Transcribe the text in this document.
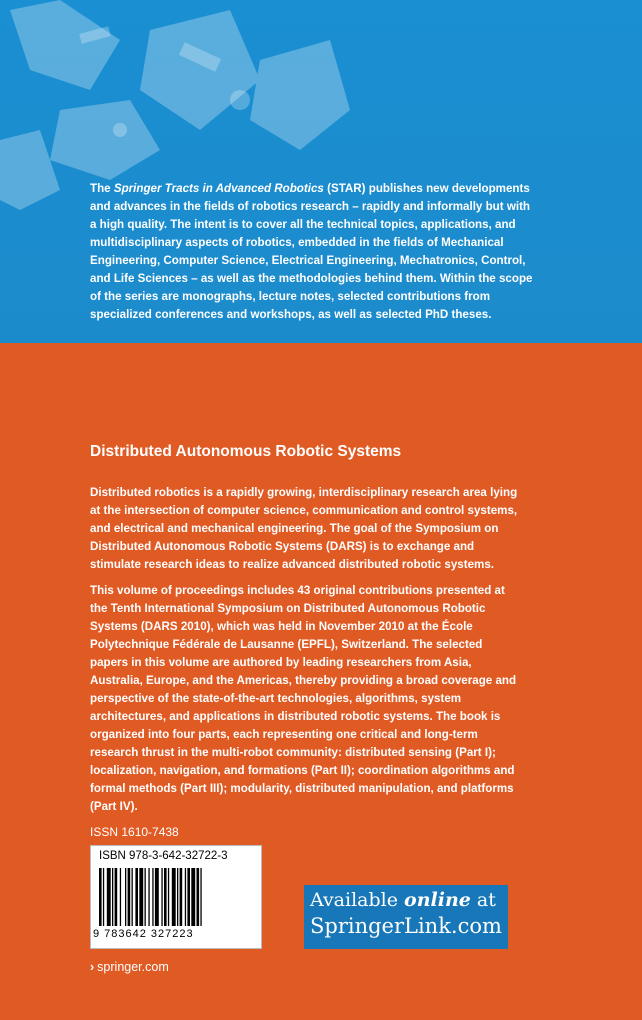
The Springer Tracts in Advanced Robotics (STAR) publishes new developments and advances in the fields of robotics research – rapidly and informally but with a high quality. The intent is to cover all the technical topics, applications, and multidisciplinary aspects of robotics, embedded in the fields of Mechanical Engineering, Computer Science, Electrical Engineering, Mechatronics, Control, and Life Sciences – as well as the methodologies behind them. Within the scope of the series are monographs, lecture notes, selected contributions from specialized conferences and workshops, as well as selected PhD theses.
Distributed Autonomous Robotic Systems
Distributed robotics is a rapidly growing, interdisciplinary research area lying at the intersection of computer science, communication and control systems, and electrical and mechanical engineering. The goal of the Symposium on Distributed Autonomous Robotic Systems (DARS) is to exchange and stimulate research ideas to realize advanced distributed robotic systems.
This volume of proceedings includes 43 original contributions presented at the Tenth International Symposium on Distributed Autonomous Robotic Systems (DARS 2010), which was held in November 2010 at the École Polytechnique Fédérale de Lausanne (EPFL), Switzerland. The selected papers in this volume are authored by leading researchers from Asia, Australia, Europe, and the Americas, thereby providing a broad coverage and perspective of the state-of-the-art technologies, algorithms, system architectures, and applications in distributed robotic systems. The book is organized into four parts, each representing one critical and long-term research thrust in the multi-robot community: distributed sensing (Part I); localization, navigation, and formations (Part II); coordination algorithms and formal methods (Part III); modularity, distributed manipulation, and platforms (Part IV).
ISSN 1610-7438
ISBN 978-3-642-32722-3
9 783642 327223
Available online at
SpringerLink.com
› springer.com
